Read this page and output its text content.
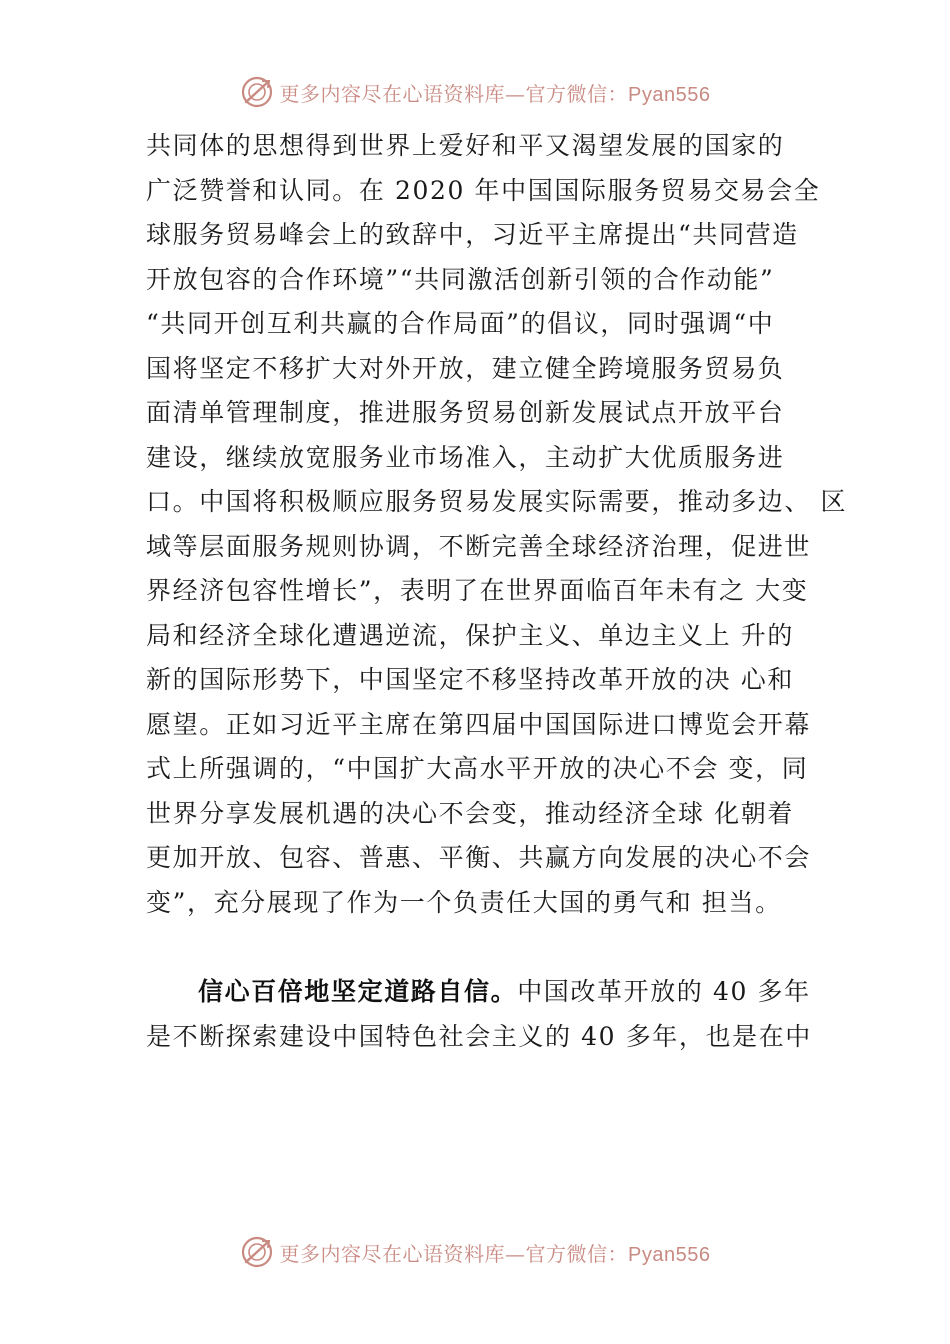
更多内容尽在心语资料库—官方微信：Pyan556
共同体的思想得到世界上爱好和平又渴望发展的国家的
广泛赞誉和认同。在 2020 年中国国际服务贸易交易会全
球服务贸易峰会上的致辞中，习近平主席提出“共同营造
开放包容的合作环境”“共同激活创新引领的合作动能”
“共同开创互利共赢的合作局面”的倡议，同时强调“中
国将坚定不移扩大对外开放，建立健全跨境服务贸易负
面清单管理制度，推进服务贸易创新发展试点开放平台
建设，继续放宽服务业市场准入，主动扩大优质服务进
口。中国将积极顺应服务贸易发展实际需要，推动多边、 区
域等层面服务规则协调，不断完善全球经济治理，促进世
界经济包容性增长”，表明了在世界面临百年未有之 大变
局和经济全球化遭遇逆流，保护主义、单边主义上 升的
新的国际形势下，中国坚定不移坚持改革开放的决 心和
愿望。正如习近平主席在第四届中国国际进口博览会开幕
式上所强调的，“中国扩大高水平开放的决心不会 变，同
世界分享发展机遇的决心不会变，推动经济全球 化朝着
更加开放、包容、普惠、平衡、共赢方向发展的决心不会
变”，充分展现了作为一个负责任大国的勇气和 担当。
信心百倍地坚定道路自信。中国改革开放的 40 多年
是不断探索建设中国特色社会主义的 40 多年，也是在中
更多内容尽在心语资料库—官方微信：Pyan556
